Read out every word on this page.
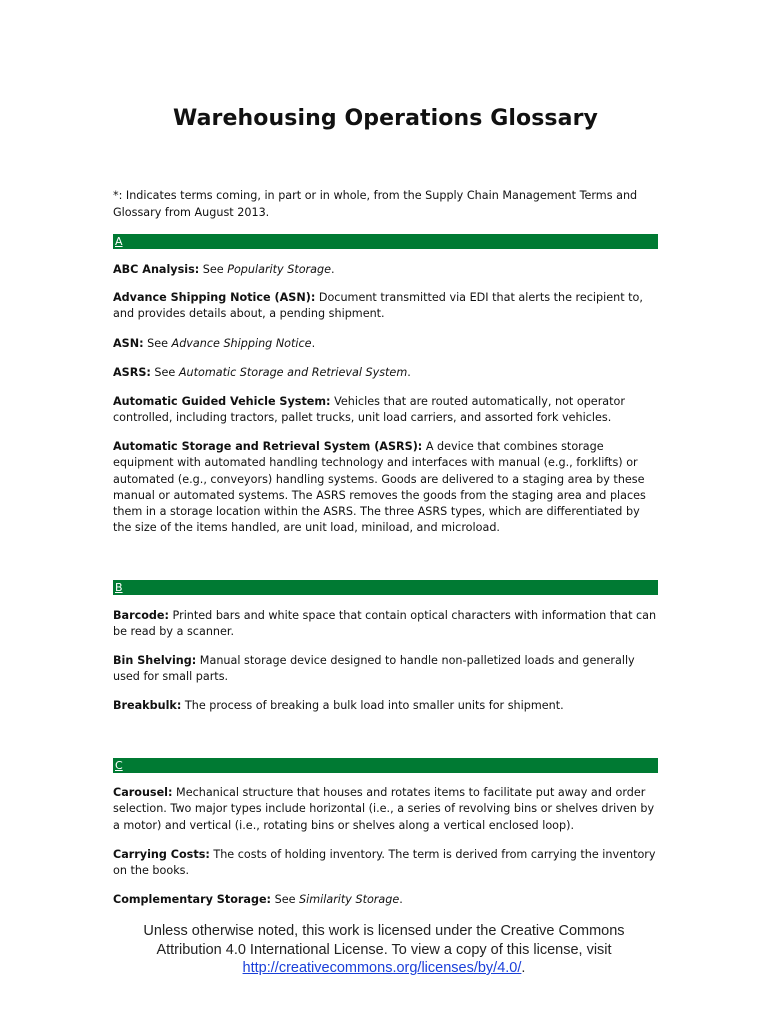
Warehousing Operations Glossary
*: Indicates terms coming, in part or in whole, from the Supply Chain Management Terms and Glossary from August 2013.
A
ABC Analysis: See Popularity Storage.
Advance Shipping Notice (ASN): Document transmitted via EDI that alerts the recipient to, and provides details about, a pending shipment.
ASN: See Advance Shipping Notice.
ASRS: See Automatic Storage and Retrieval System.
Automatic Guided Vehicle System: Vehicles that are routed automatically, not operator controlled, including tractors, pallet trucks, unit load carriers, and assorted fork vehicles.
Automatic Storage and Retrieval System (ASRS): A device that combines storage equipment with automated handling technology and interfaces with manual (e.g., forklifts) or automated (e.g., conveyors) handling systems. Goods are delivered to a staging area by these manual or automated systems. The ASRS removes the goods from the staging area and places them in a storage location within the ASRS. The three ASRS types, which are differentiated by the size of the items handled, are unit load, miniload, and microload.
B
Barcode: Printed bars and white space that contain optical characters with information that can be read by a scanner.
Bin Shelving: Manual storage device designed to handle non-palletized loads and generally used for small parts.
Breakbulk: The process of breaking a bulk load into smaller units for shipment.
C
Carousel: Mechanical structure that houses and rotates items to facilitate put away and order selection. Two major types include horizontal (i.e., a series of revolving bins or shelves driven by a motor) and vertical (i.e., rotating bins or shelves along a vertical enclosed loop).
Carrying Costs: The costs of holding inventory. The term is derived from carrying the inventory on the books.
Complementary Storage: See Similarity Storage.
Unless otherwise noted, this work is licensed under the Creative Commons
Attribution 4.0 International License. To view a copy of this license, visit
http://creativecommons.org/licenses/by/4.0/.
